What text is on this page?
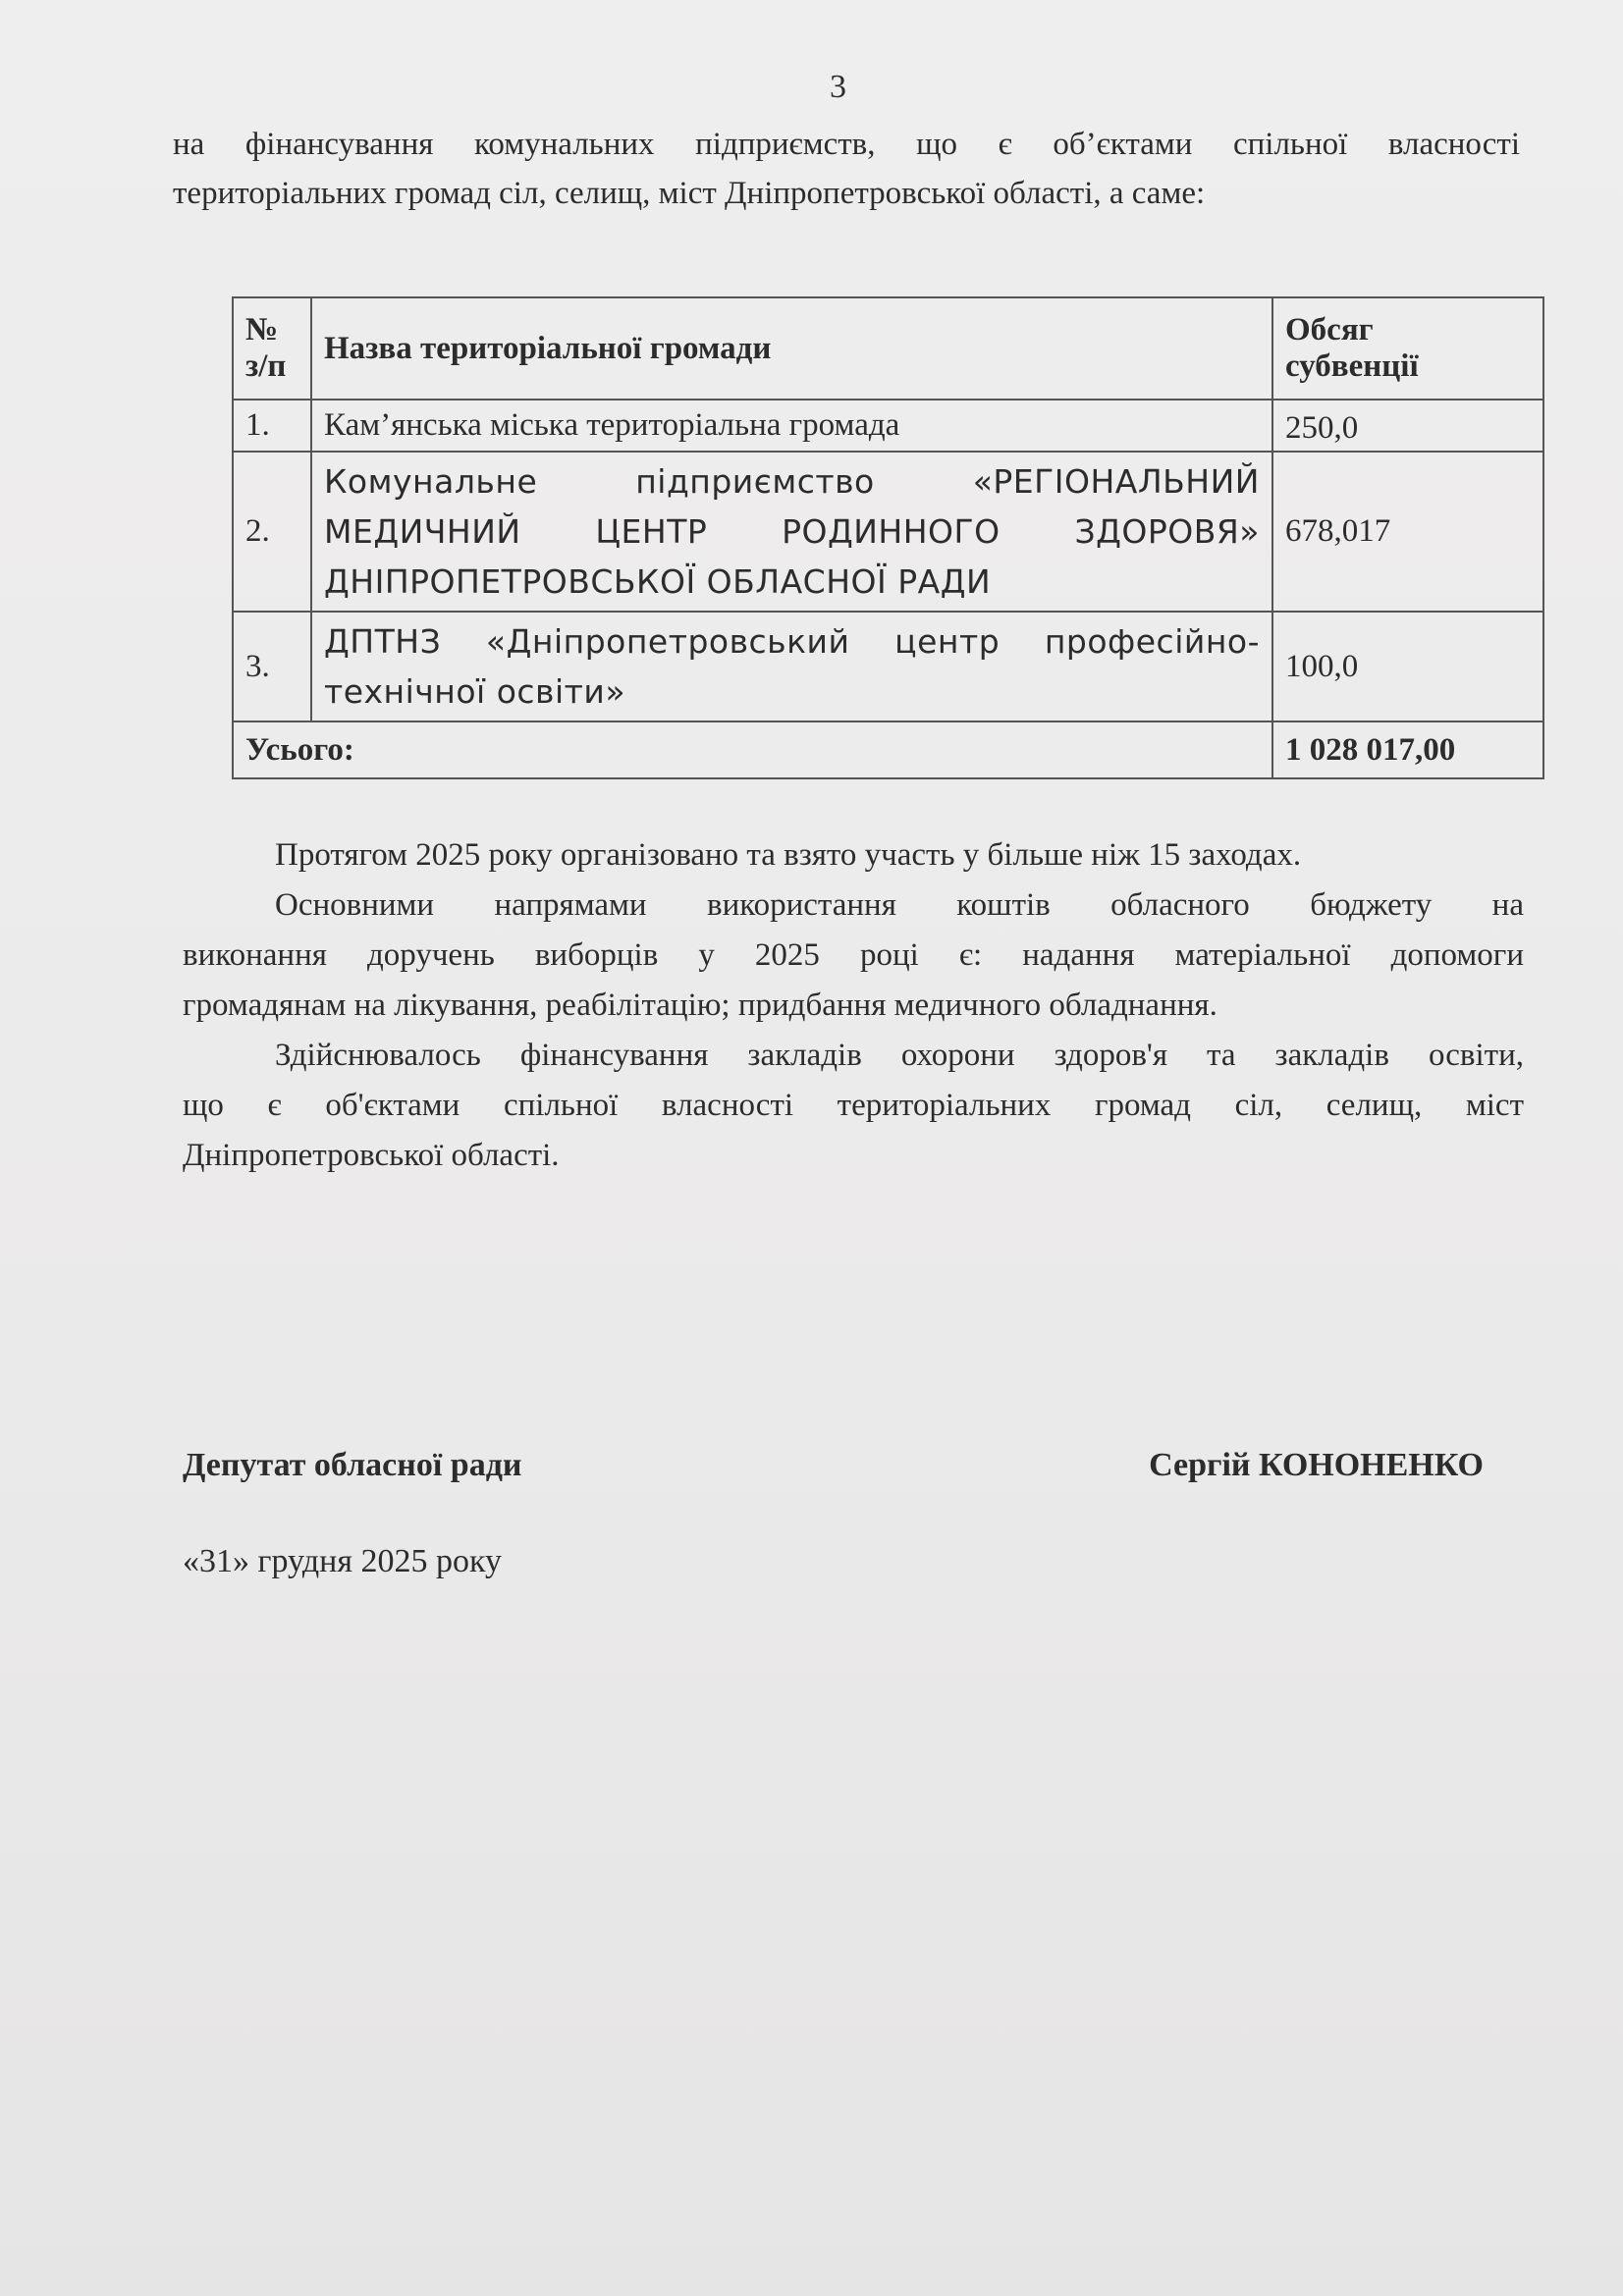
3
на фінансування комунальних підприємств, що є об’єктами спільної власності
територіальних громад сіл, селищ, міст Дніпропетровської області, а саме:
№
з/п	Назва територіальної громади	Обсяг
субвенції
1.	Кам’янська міська територіальна громада	250,0
2.	Комунальне підприємство «РЕГІОНАЛЬНИЙ
МЕДИЧНИЙ ЦЕНТР РОДИННОГО ЗДОРОВЯ»
ДНІПРОПЕТРОВСЬКОЇ ОБЛАСНОЇ РАДИ	678,017
3.	ДПТНЗ «Дніпропетровський центр професійно-
технічної освіти»	100,0
Усього:		1 028 017,00
Протягом 2025 року організовано та взято участь у більше ніж 15 заходах.
Основними напрямами використання коштів обласного бюджету на
виконання доручень виборців у 2025 році є: надання матеріальної допомоги
громадянам на лікування, реабілітацію; придбання медичного обладнання.
Здійснювалось фінансування закладів охорони здоров'я та закладів освіти,
що є об'єктами спільної власності територіальних громад сіл, селищ, міст
Дніпропетровської області.
Депутат обласної ради	Сергій КОНОНЕНКО
«31» грудня 2025 року
